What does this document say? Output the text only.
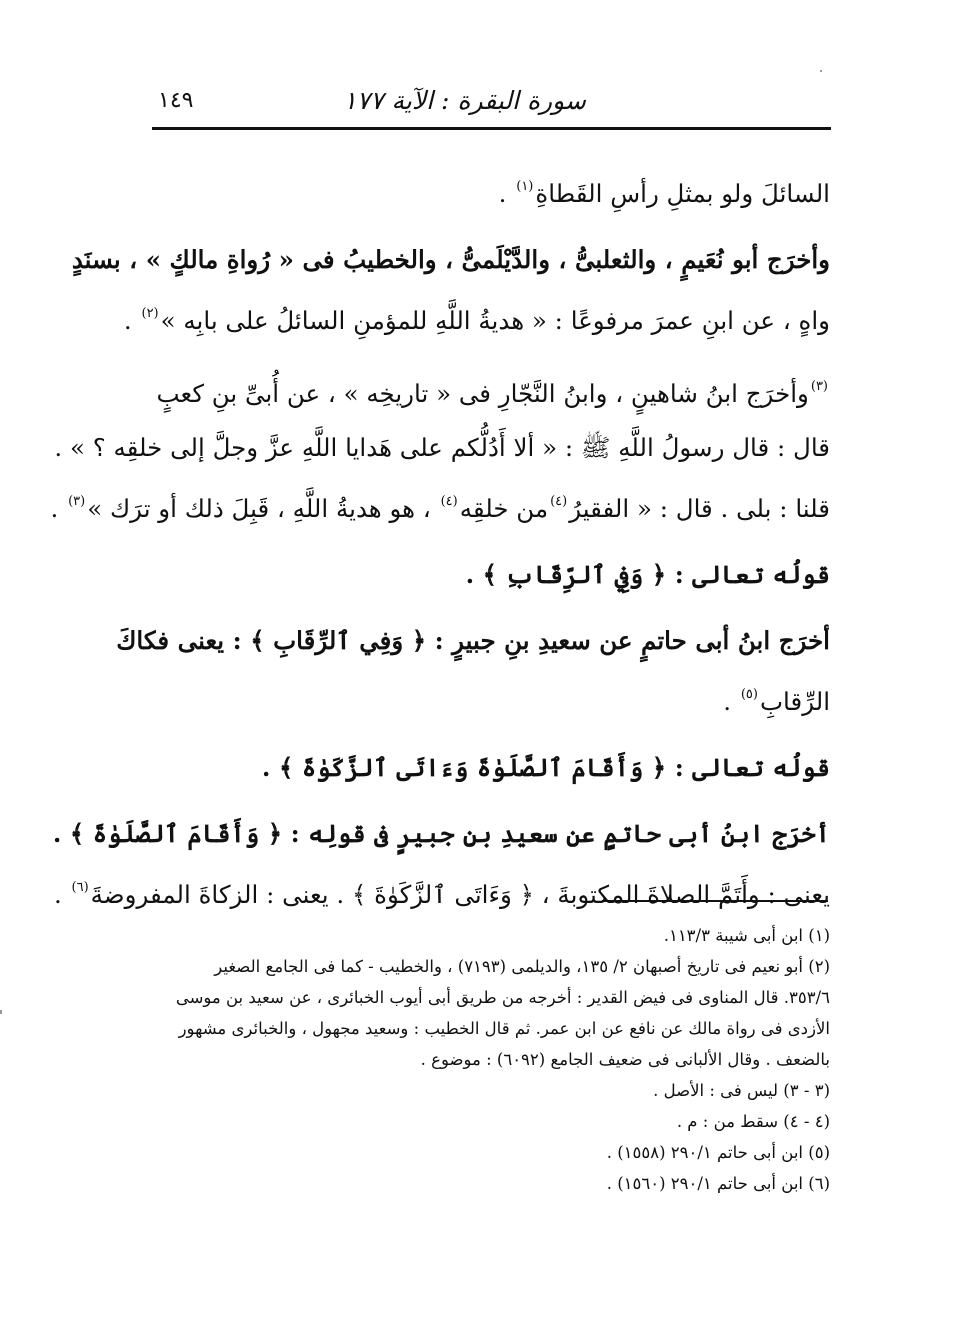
سورة البقرة : الآية ١٧٧
١٤٩

السائلَ ولو بمثلِ رأسِ القَطاةِ$^{(١)}$ .

وأخرَج أبو نُعَيمٍ ، والثعلبىُّ ، والدَّيْلَمىُّ ، والخطيبُ فى « رُواةِ مالكٍ » ، بسنَدٍ
واهٍ ، عن ابنِ عمرَ مرفوعًا : « هديةُ اللَّهِ للمؤمنِ السائلُ على بابِه »$^{(٢)}$ .

$^{(٣)}$وأخرَج ابنُ شاهينٍ ، وابنُ النَّجّارِ فى « تاريخِه » ، عن أُبىِّ بنِ كعبٍ
قال : قال رسولُ اللَّهِ ﷺ : « ألا أَدُلُّكم على هَدايا اللَّهِ عزَّ وجلَّ إلى خلقِه ؟ » .
قلنا : بلى . قال : « الفقيرُ$^{(٤)}$من خلقِه$^{(٤)}$ ، هو هديةُ اللَّهِ ، قَبِلَ ذلك أو ترَك »$^{(٣)}$ .

قولُه تعالى : ﴿ وَفِي ٱلرِّقَابِ ﴾ .

أخرَج ابنُ أبى حاتمٍ عن سعيدِ بنِ جبيرٍ : ﴿ وَفِي ٱلرِّقَابِ ﴾ : يعنى فكاكَ
الرِّقابِ$^{(٥)}$ .

قولُه تعالى : ﴿ وَأَقَامَ ٱلصَّلَوٰةَ وَءَاتَى ٱلزَّكَوٰةَ ﴾ .

أخرَج ابنُ أبى حاتمٍ عن سعيدِ بنِ جبيرٍ فى قولِه : ﴿ وَأَقَامَ ٱلصَّلَوٰةَ ﴾ .
يعنى : وأَتَمَّ الصلاةَ المكتوبةَ ، ﴿ وَءَاتَى ٱلزَّكَوٰةَ ﴾ . يعنى : الزكاةَ المفروضةَ$^{(٦)}$ .

(١) ابن أبى شيبة ١١٣/٣.
(٢) أبو نعيم فى تاريخ أصبهان ٢/ ١٣٥، والديلمى (٧١٩٣) ، والخطيب - كما فى الجامع الصغير
٣٥٣/٦. قال المناوى فى فيض القدير : أخرجه من طريق أبى أيوب الخبائرى ، عن سعيد بن موسى
الأزدى فى رواة مالك عن نافع عن ابن عمر. ثم قال الخطيب : وسعيد مجهول ، والخبائرى مشهور
بالضعف . وقال الألبانى فى ضعيف الجامع (٦٠٩٢) : موضوع .
(٣ - ٣) ليس فى : الأصل .
(٤ - ٤) سقط من : م .
(٥) ابن أبى حاتم ٢٩٠/١ (١٥٥٨) .
(٦) ابن أبى حاتم ٢٩٠/١ (١٥٦٠) .
